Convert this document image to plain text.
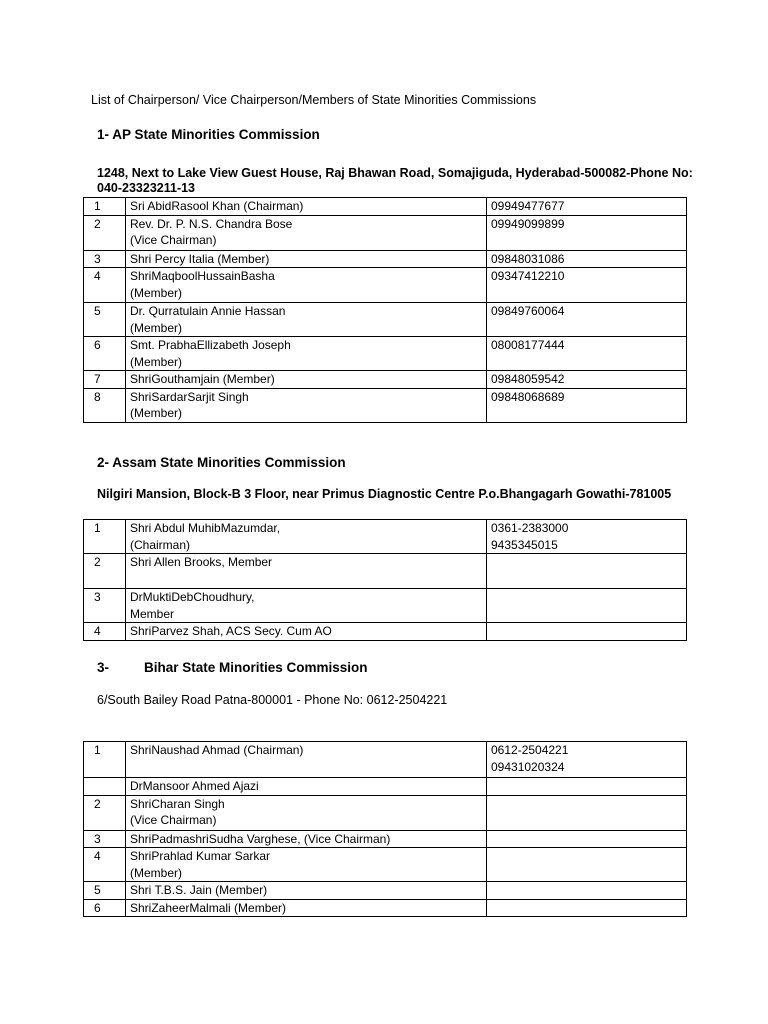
List of Chairperson/ Vice Chairperson/Members of State Minorities Commissions
1- AP State Minorities Commission
1248, Next to Lake View Guest House, Raj Bhawan Road, Somajiguda, Hyderabad-500082-Phone No: 040-23323211-13
1	Sri AbidRasool Khan (Chairman)	09949477677

2	Rev. Dr. P. N.S. Chandra Bose
(Vice Chairman)	09949099899

3	Shri Percy Italia (Member)	09848031086

4	ShriMaqboolHussainBasha
(Member)	09347412210

5	Dr. Qurratulain Annie Hassan
(Member)	09849760064

6	Smt. PrabhaEllizabeth Joseph
(Member)	08008177444

7	ShriGouthamjain (Member)	09848059542

8	ShriSardarSarjit Singh
(Member)	09848068689
2- Assam State Minorities Commission
Nilgiri Mansion, Block-B 3 Floor, near Primus Diagnostic Centre P.o.Bhangagarh Gowathi-781005
1	Shri Abdul MuhibMazumdar,
(Chairman)	0361-2383000
9435345015

2	Shri Allen Brooks, Member	

3	DrMuktiDebChoudhury,
Member	

4	ShriParvez Shah, ACS Secy. Cum AO	

3-	Bihar State Minorities Commission
6/South Bailey Road Patna-800001 - Phone No: 0612-2504221
1	ShriNaushad Ahmad (Chairman)	0612-2504221
09431020324

	DrMansoor Ahmed Ajazi	

2	ShriCharan Singh
(Vice Chairman)	

3	ShriPadmashriSudha Varghese, (Vice Chairman)	

4	ShriPrahlad Kumar Sarkar
(Member)	

5	Shri T.B.S. Jain (Member)	

6	ShriZaheerMalmali (Member)	
